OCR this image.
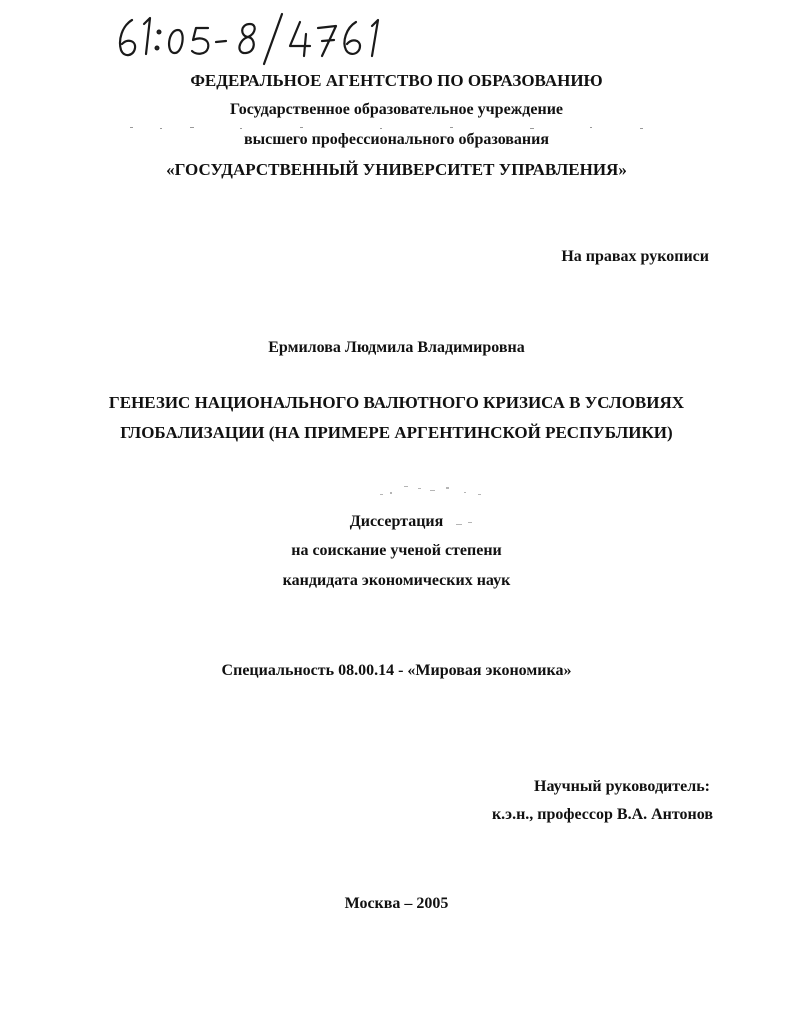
ФЕДЕРАЛЬНОЕ АГЕНТСТВО ПО ОБРАЗОВАНИЮ
Государственное образовательное учреждение
высшего профессионального образования
«ГОСУДАРСТВЕННЫЙ УНИВЕРСИТЕТ УПРАВЛЕНИЯ»
На правах рукописи
Ермилова Людмила Владимировна
ГЕНЕЗИС НАЦИОНАЛЬНОГО ВАЛЮТНОГО КРИЗИСА В УСЛОВИЯХ
ГЛОБАЛИЗАЦИИ (НА ПРИМЕРЕ АРГЕНТИНСКОЙ РЕСПУБЛИКИ)
Диссертация
на соискание ученой степени
кандидата экономических наук
Специальность 08.00.14 - «Мировая экономика»
Научный руководитель:
к.э.н., профессор В.А. Антонов
Москва – 2005
